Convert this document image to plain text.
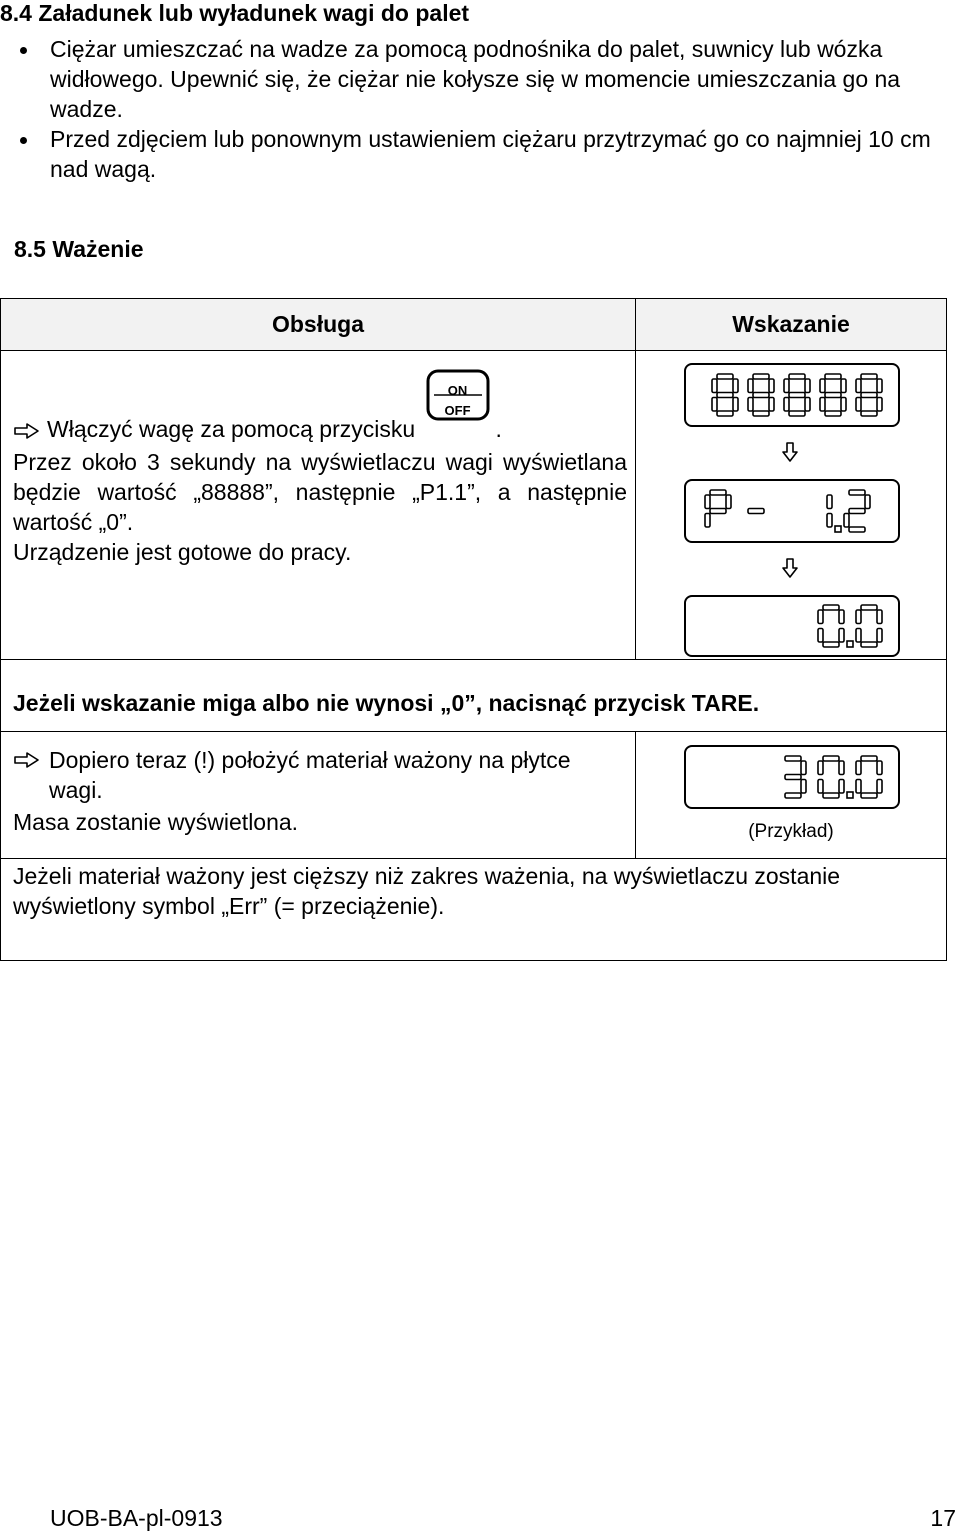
8.4 Załadunek lub wyładunek wagi do palet
Ciężar umieszczać na wadze za pomocą podnośnika do palet, suwnicy lub wózka widłowego. Upewnić się, że ciężar nie kołysze się w momencie umieszczania go na wadze.
Przed zdjęciem lub ponownym ustawieniem ciężaru przytrzymać go co najmniej 10 cm nad wagą.
8.5 Ważenie
Obsługa	Wskazanie
Włączyć wagę za pomocą przycisku
ON
OFF
.
Przez około 3 sekundy na wyświetlaczu wagi wyświetlana będzie wartość „88888”, następnie „P1.1”, a następnie wartość „0”.
Urządzenie jest gotowe do pracy.
Jeżeli wskazanie miga albo nie wynosi „0”, nacisnąć przycisk TARE.
Dopiero teraz (!) położyć materiał ważony na płytce wagi.
Masa zostanie wyświetlona.	(Przykład)
Jeżeli materiał ważony jest cięższy niż zakres ważenia, na wyświetlaczu zostanie wyświetlony symbol „Err” (= przeciążenie).
UOB-BA-pl-0913	17
